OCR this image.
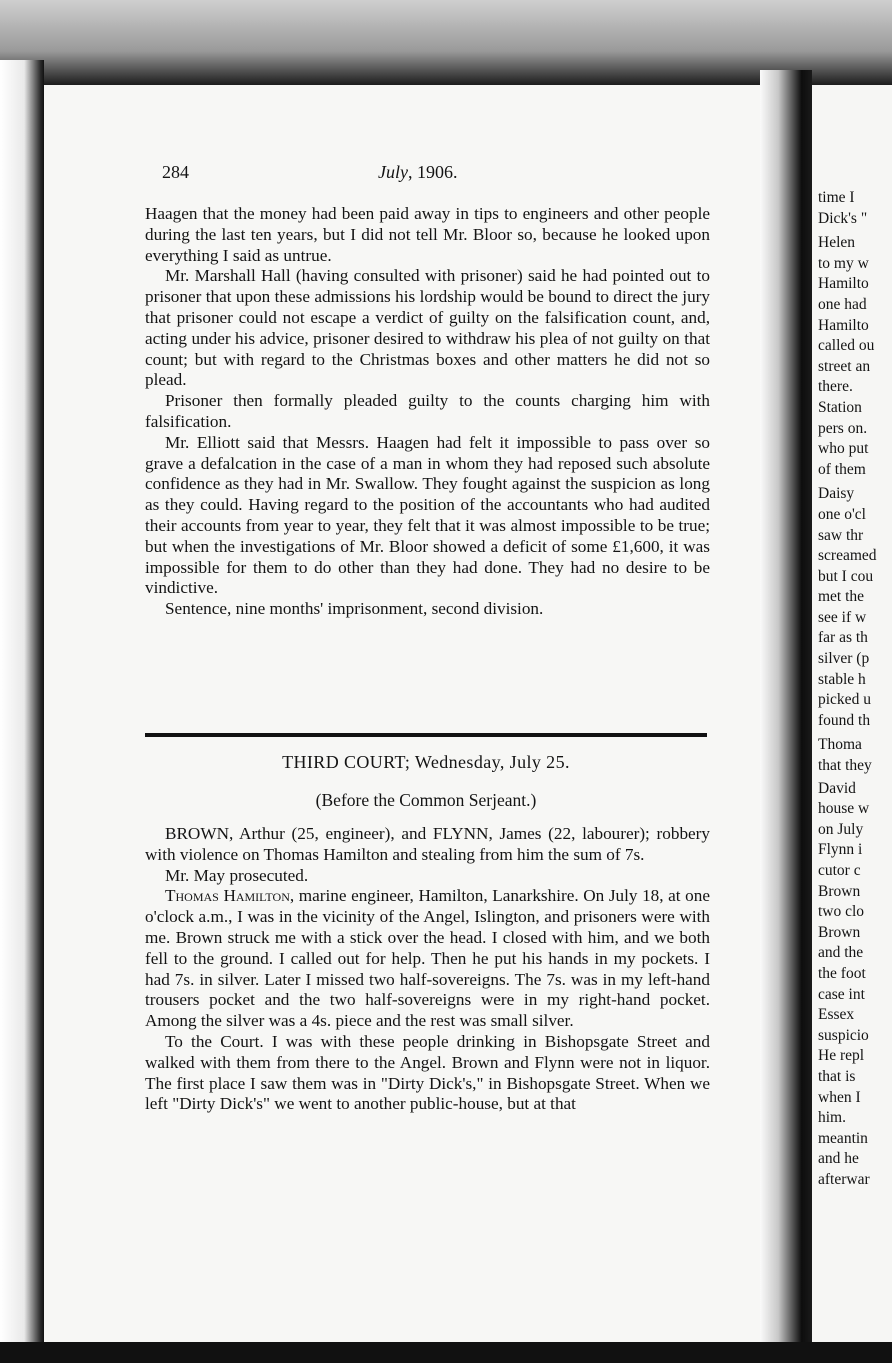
284	July, 1906.

Haagen that the money had been paid away in tips to engineers and other people during the last ten years, but I did not tell Mr. Bloor so, because he looked upon everything I said as untrue.

Mr. Marshall Hall (having consulted with prisoner) said he had pointed out to prisoner that upon these admissions his lordship would be bound to direct the jury that prisoner could not escape a verdict of guilty on the falsification count, and, acting under his advice, prisoner desired to withdraw his plea of not guilty on that count; but with regard to the Christmas boxes and other matters he did not so plead.

Prisoner then formally pleaded guilty to the counts charging him with falsification.

Mr. Elliott said that Messrs. Haagen had felt it impossible to pass over so grave a defalcation in the case of a man in whom they had reposed such absolute confidence as they had in Mr. Swallow. They fought against the suspicion as long as they could. Having regard to the position of the accountants who had audited their accounts from year to year, they felt that it was almost impossible to be true; but when the investigations of Mr. Bloor showed a deficit of some £1,600, it was impossible for them to do other than they had done. They had no desire to be vindictive.

Sentence, nine months' imprisonment, second division.

THIRD COURT; Wednesday, July 25.
(Before the Common Serjeant.)

BROWN, Arthur (25, engineer), and FLYNN, James (22, labourer); robbery with violence on Thomas Hamilton and stealing from him the sum of 7s.

Mr. May prosecuted.

Thomas Hamilton, marine engineer, Hamilton, Lanarkshire. On July 18, at one o'clock a.m., I was in the vicinity of the Angel, Islington, and prisoners were with me. Brown struck me with a stick over the head. I closed with him, and we both fell to the ground. I called out for help. Then he put his hands in my pockets. I had 7s. in silver. Later I missed two half-sovereigns. The 7s. was in my left-hand trousers pocket and the two half-sovereigns were in my right-hand pocket. Among the silver was a 4s. piece and the rest was small silver.

To the Court. I was with these people drinking in Bishopsgate Street and walked with them from there to the Angel. Brown and Flynn were not in liquor. The first place I saw them was in "Dirty Dick's," in Bishopsgate Street. When we left "Dirty Dick's" we went to another public-house, but at that

time I
Dick's "
Helen
to my w
Hamilto
one had
Hamilto
called ou
street an
there.
Station
pers on.
who put
of them
Daisy
one o'cl
saw thr
screamed
but I cou
met the
see if w
far as th
silver (p
stable h
picked u
found th
Thoma
that they
David
house w
on July
Flynn i
cutor c
Brown
two clo
Brown
and the
the foot
case int
Essex
suspicio
He repl
that is
when I
him.
meantin
and he
afterwar
